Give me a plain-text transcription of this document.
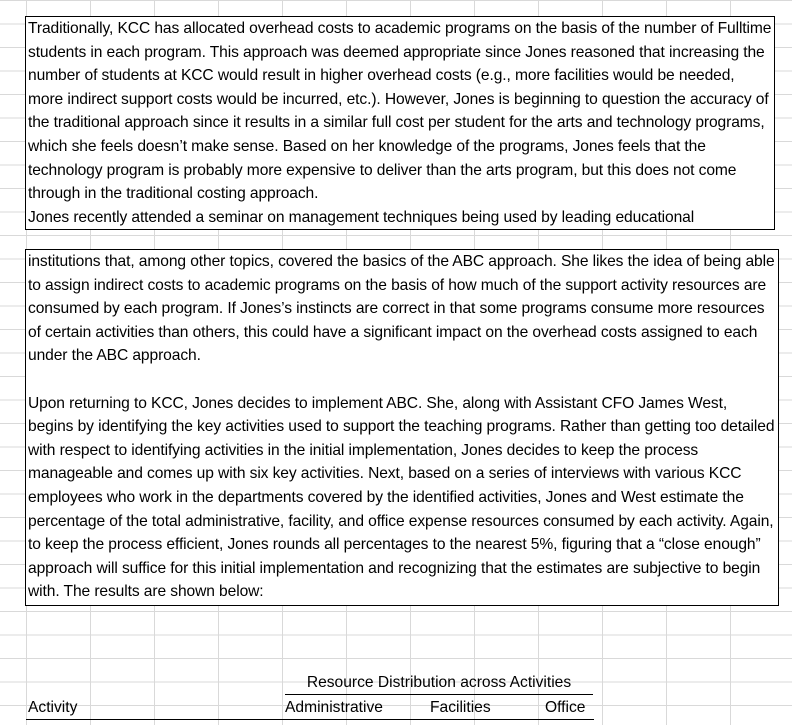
Traditionally, KCC has allocated overhead costs to academic programs on the basis of the number of Fulltime students in each program. This approach was deemed appropriate since Jones reasoned that increasing the number of students at KCC would result in higher overhead costs (e.g., more facilities would be needed, more indirect support costs would be incurred, etc.). However, Jones is beginning to question the accuracy of the traditional approach since it results in a similar full cost per student for the arts and technology programs, which she feels doesn’t make sense. Based on her knowledge of the programs, Jones feels that the technology program is probably more expensive to deliver than the arts program, but this does not come through in the traditional costing approach.

Jones recently attended a seminar on management techniques being used by leading educational

institutions that, among other topics, covered the basics of the ABC approach. She likes the idea of being able to assign indirect costs to academic programs on the basis of how much of the support activity resources are consumed by each program. If Jones’s instincts are correct in that some programs consume more resources of certain activities than others, this could have a significant impact on the overhead costs assigned to each under the ABC approach.

Upon returning to KCC, Jones decides to implement ABC. She, along with Assistant CFO James West, begins by identifying the key activities used to support the teaching programs. Rather than getting too detailed with respect to identifying activities in the initial implementation, Jones decides to keep the process manageable and comes up with six key activities. Next, based on a series of interviews with various KCC employees who work in the departments covered by the identified activities, Jones and West estimate the percentage of the total administrative, facility, and office expense resources consumed by each activity. Again, to keep the process efficient, Jones rounds all percentages to the nearest 5%, figuring that a “close enough” approach will suffice for this initial implementation and recognizing that the estimates are subjective to begin with. The results are shown below:

Resource Distribution across Activities
Activity	Administrative	Facilities	Office
